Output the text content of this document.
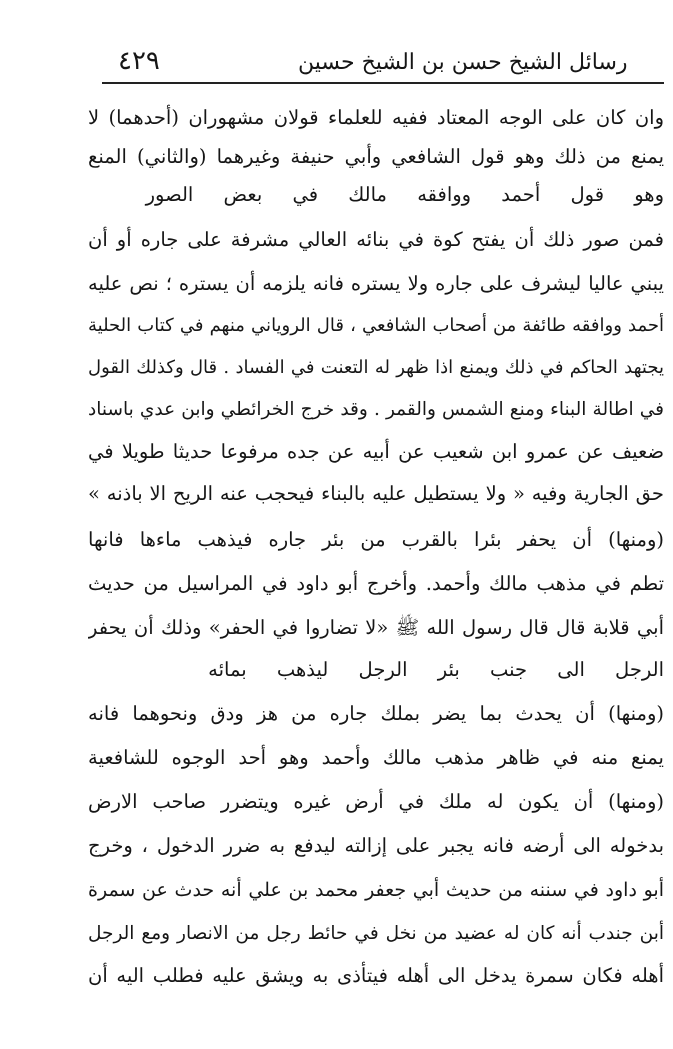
٤٢٩	رسائل الشيخ حسن بن الشيخ حسين
وان كان على الوجه المعتاد ففيه للعلماء قولان مشهوران (أحدهما) لا
يمنع من ذلك وهو قول الشافعي وأبي حنيفة وغيرهما (والثاني) المنع
وهو قول أحمد ووافقه مالك في بعض الصور
فمن صور ذلك أن يفتح كوة في بنائه العالي مشرفة على جاره أو أن
يبني عاليا ليشرف على جاره ولا يستره فانه يلزمه أن يستره ؛ نص عليه
أحمد ووافقه طائفة من أصحاب الشافعي ، قال الروياني منهم في كتاب الحلية
يجتهد الحاكم في ذلك ويمنع اذا ظهر له التعنت في الفساد . قال وكذلك القول
في اطالة البناء ومنع الشمس والقمر . وقد خرج الخرائطي وابن عدي باسناد
ضعيف عن عمرو ابن شعيب عن أبيه عن جده مرفوعا حديثا طويلا في
حق الجارية وفيه « ولا يستطيل عليه بالبناء فيحجب عنه الريح الا باذنه »
(ومنها) أن يحفر بئرا بالقرب من بئر جاره فيذهب ماءها فانها
تطم في مذهب مالك وأحمد. وأخرج أبو داود في المراسيل من حديث
أبي قلابة قال قال رسول الله ﷺ «لا تضاروا في الحفر» وذلك أن يحفر
الرجل الى جنب بئر الرجل ليذهب بمائه
(ومنها) أن يحدث بما يضر بملك جاره من هز ودق ونحوهما فانه
يمنع منه في ظاهر مذهب مالك وأحمد وهو أحد الوجوه للشافعية
(ومنها) أن يكون له ملك في أرض غيره ويتضرر صاحب الارض
بدخوله الى أرضه فانه يجبر على إزالته ليدفع به ضرر الدخول ، وخرج
أبو داود في سننه من حديث أبي جعفر محمد بن علي أنه حدث عن سمرة
أبن جندب أنه كان له عضيد من نخل في حائط رجل من الانصار ومع الرجل
أهله فكان سمرة يدخل الى أهله فيتأذى به ويشق عليه فطلب اليه أن
